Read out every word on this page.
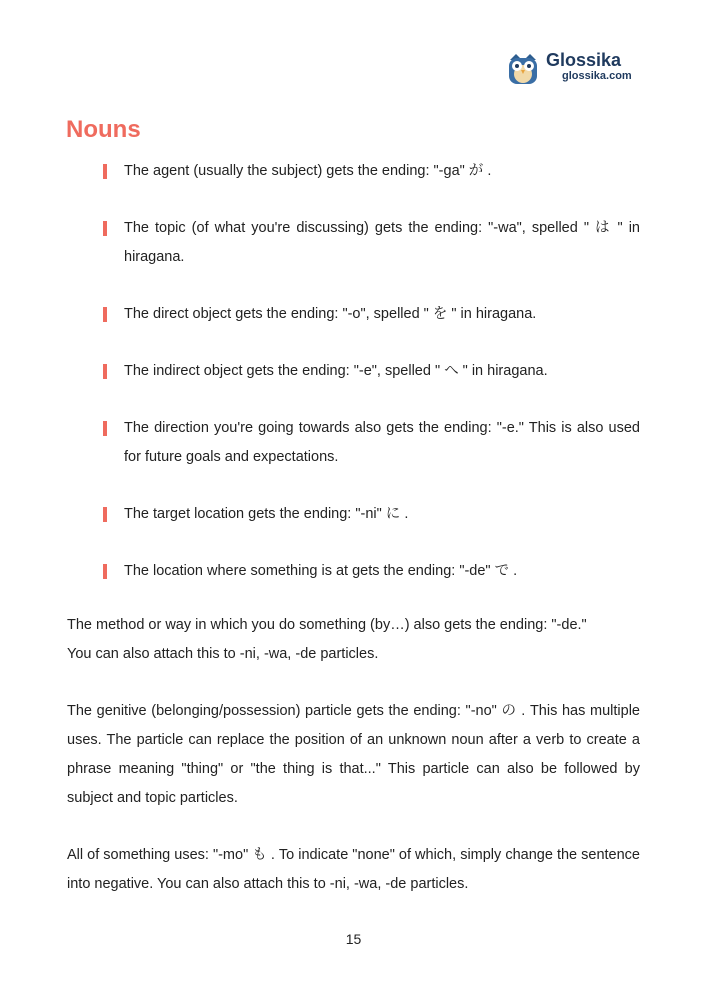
Glossika
glossika.com
Nouns
The agent (usually the subject) gets the ending: "-ga" が .
The topic (of what you're discussing) gets the ending: "-wa", spelled " は " in hiragana.
The direct object gets the ending: "-o", spelled " を " in hiragana.
The indirect object gets the ending: "-e", spelled " へ " in hiragana.
The direction you're going towards also gets the ending: "-e." This is also used for future goals and expectations.
The target location gets the ending: "-ni" に .
The location where something is at gets the ending: "-de" で .
The method or way in which you do something (by…) also gets the ending: "-de."
You can also attach this to -ni, -wa, -de particles.

The genitive (belonging/possession) particle gets the ending: "-no" の . This has multiple uses. The particle can replace the position of an unknown noun after a verb to create a phrase meaning "thing" or "the thing is that..." This particle can also be followed by subject and topic particles.

All of something uses: "-mo" も . To indicate "none" of which, simply change the sentence into negative. You can also attach this to -ni, -wa, -de particles.

15
